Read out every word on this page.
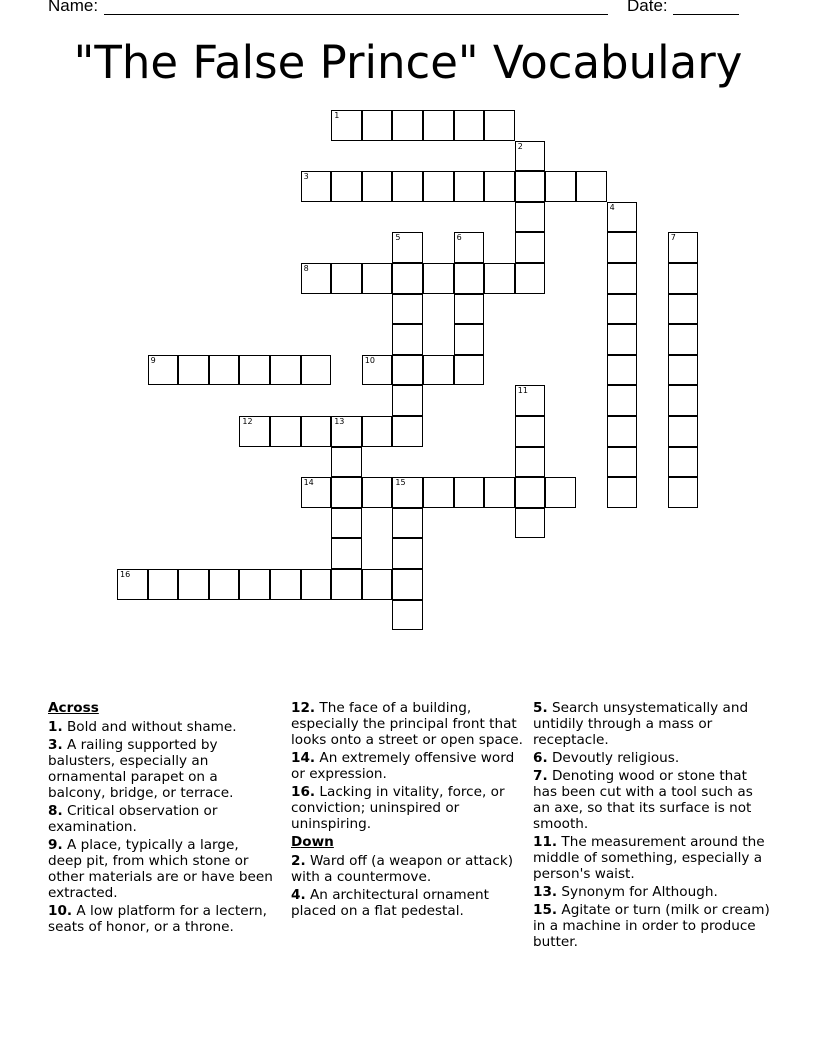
Name:	Date:
"The False Prince" Vocabulary
1
2
3
4
5	6	7
8
9	10
11
12	13
14	15
16
Across
1. Bold and without shame.
3. A railing supported by balusters, especially an ornamental parapet on a balcony, bridge, or terrace.
8. Critical observation or examination.
9. A place, typically a large, deep pit, from which stone or other materials are or have been extracted.
10. A low platform for a lectern, seats of honor, or a throne.
12. The face of a building, especially the principal front that looks onto a street or open space.
14. An extremely offensive word or expression.
16. Lacking in vitality, force, or conviction; uninspired or uninspiring.
Down
2. Ward off (a weapon or attack) with a countermove.
4. An architectural ornament placed on a flat pedestal.
5. Search unsystematically and untidily through a mass or receptacle.
6. Devoutly religious.
7. Denoting wood or stone that has been cut with a tool such as an axe, so that its surface is not smooth.
11. The measurement around the middle of something, especially a person's waist.
13. Synonym for Although.
15. Agitate or turn (milk or cream) in a machine in order to produce butter.
